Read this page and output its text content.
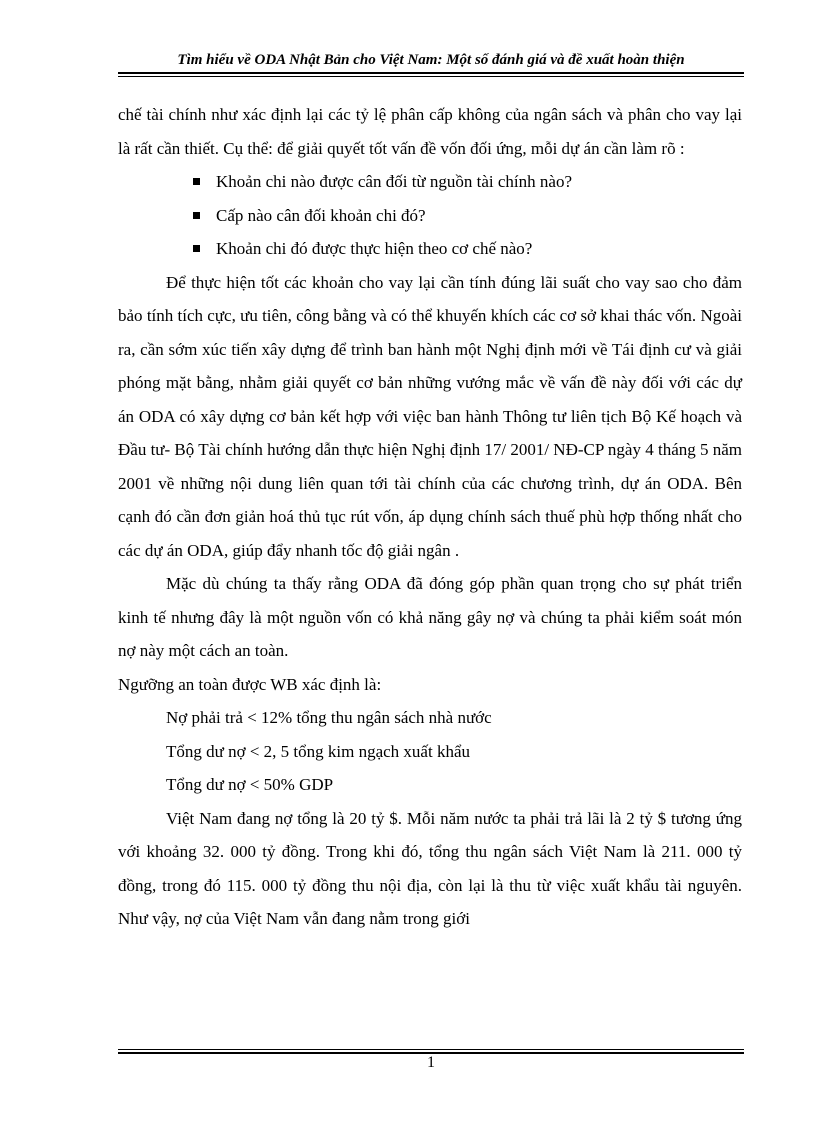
Tìm hiểu về ODA Nhật Bản cho Việt Nam: Một số đánh giá và đề xuất hoàn thiện

chế tài chính như xác định lại các tỷ lệ phân cấp không của ngân sách và phân cho vay lại là rất cần thiết. Cụ thể: để giải quyết tốt vấn đề vốn đối ứng, mỗi dự án cần làm rõ :

Khoản chi nào được cân đối từ nguồn tài chính nào?
Cấp nào cân đối khoản chi đó?
Khoản chi đó được thực hiện theo cơ chế nào?

Để thực hiện tốt các khoản cho vay lại cần tính đúng lãi suất cho vay sao cho đảm bảo tính tích cực, ưu tiên, công bằng và có thể khuyến khích các cơ sở khai thác vốn. Ngoài ra, cần sớm xúc tiến xây dựng để trình ban hành một Nghị định mới về Tái định cư và giải phóng mặt bằng, nhằm giải quyết cơ bản những vướng mắc về vấn đề này đối với các dự án ODA có xây dựng cơ bản kết hợp với việc ban hành Thông tư liên tịch Bộ Kế hoạch và Đầu tư- Bộ Tài chính hướng dẫn thực hiện Nghị định 17/ 2001/ NĐ-CP ngày 4 tháng 5 năm 2001 về những nội dung liên quan tới tài chính của các chương trình, dự án ODA. Bên cạnh đó cần đơn giản hoá thủ tục rút vốn, áp dụng chính sách thuế phù hợp thống nhất cho các dự án ODA, giúp đẩy nhanh tốc độ giải ngân .

Mặc dù chúng ta thấy rằng ODA đã đóng góp phần quan trọng cho sự phát triển kinh tế nhưng đây là một nguồn vốn có khả năng gây nợ và chúng ta phải kiểm soát món nợ này một cách an toàn.

Ngưỡng an toàn được WB xác định là:

Nợ phải trả < 12% tổng thu ngân sách nhà nước

Tổng dư nợ < 2, 5 tổng kim ngạch xuất khẩu

Tổng dư nợ < 50% GDP

Việt Nam đang nợ tổng là 20 tỷ $. Mỗi năm nước ta phải trả lãi là 2 tỷ $ tương ứng với khoảng 32. 000 tỷ đồng. Trong khi đó, tổng thu ngân sách Việt Nam là 211. 000 tỷ đồng, trong đó 115. 000 tỷ đồng thu nội địa, còn lại là thu từ việc xuất khẩu tài nguyên. Như vậy, nợ của Việt Nam vẫn đang nằm trong giới

1
